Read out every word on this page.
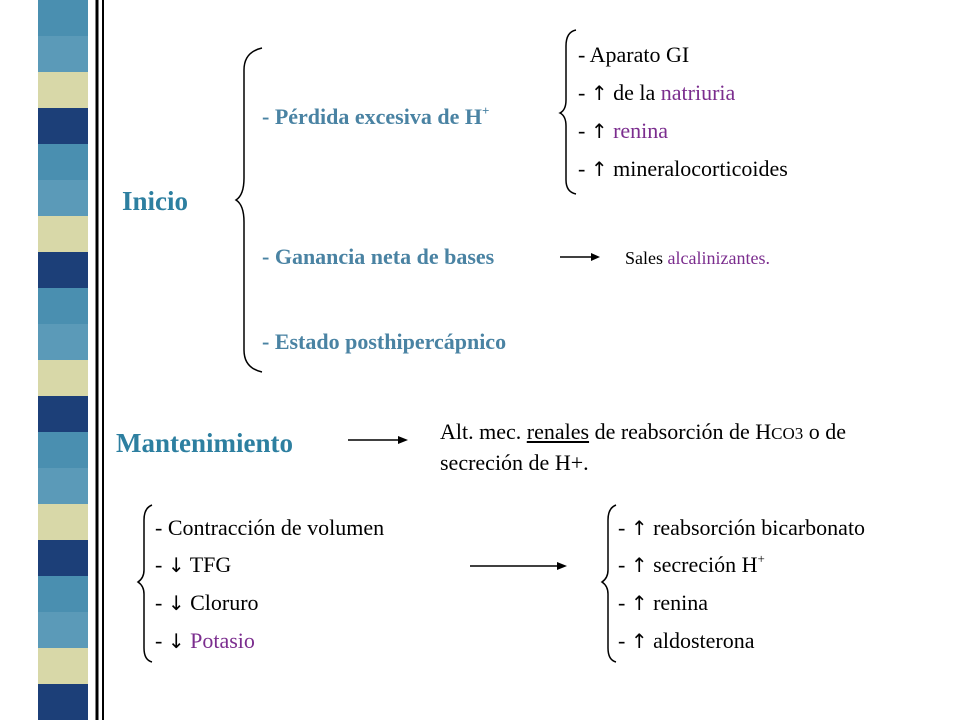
Inicio
- Pérdida excesiva de H+
- Ganancia neta de bases
- Estado posthipercápnico
- Aparato GI
- ↑ de la natriuria
- ↑ renina
- ↑ mineralocorticoides
Sales alcalinizantes.
Mantenimiento	Alt. mec. renales de reabsorción de HCO3 o de
secreción de H+.
- Contracción de volumen
- ↓ TFG
- ↓ Cloruro
- ↓ Potasio
- ↑ reabsorción bicarbonato
- ↑ secreción H+
- ↑ renina
- ↑ aldosterona
